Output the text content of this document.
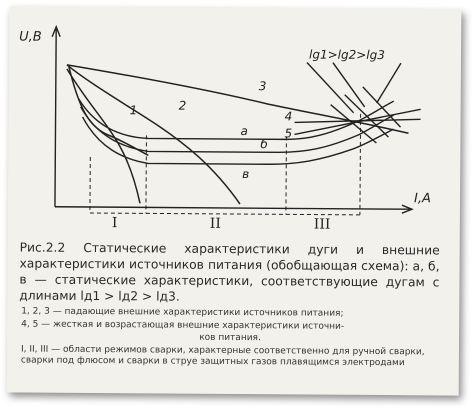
U,В
I,А
I	II	III
1	2
3
а
б
в
4
5
lg1>lg2>lg3

Рис.2.2 Статические характеристики дуги и внешние характеристики источников питания (обобщающая схема): а, б, в — статические характеристики, соответствующие дугам с длинами lд1 > lд2 > lд3.

1, 2, 3 — падающие внешние характеристики источников питания;

4, 5 — жесткая и возрастающая внешние характеристики источни-
ков питания.

I, II, III — области режимов сварки, характерные соответственно для ручной сварки, сварки под флюсом и сварки в струе защитных газов плавящимся электродами
